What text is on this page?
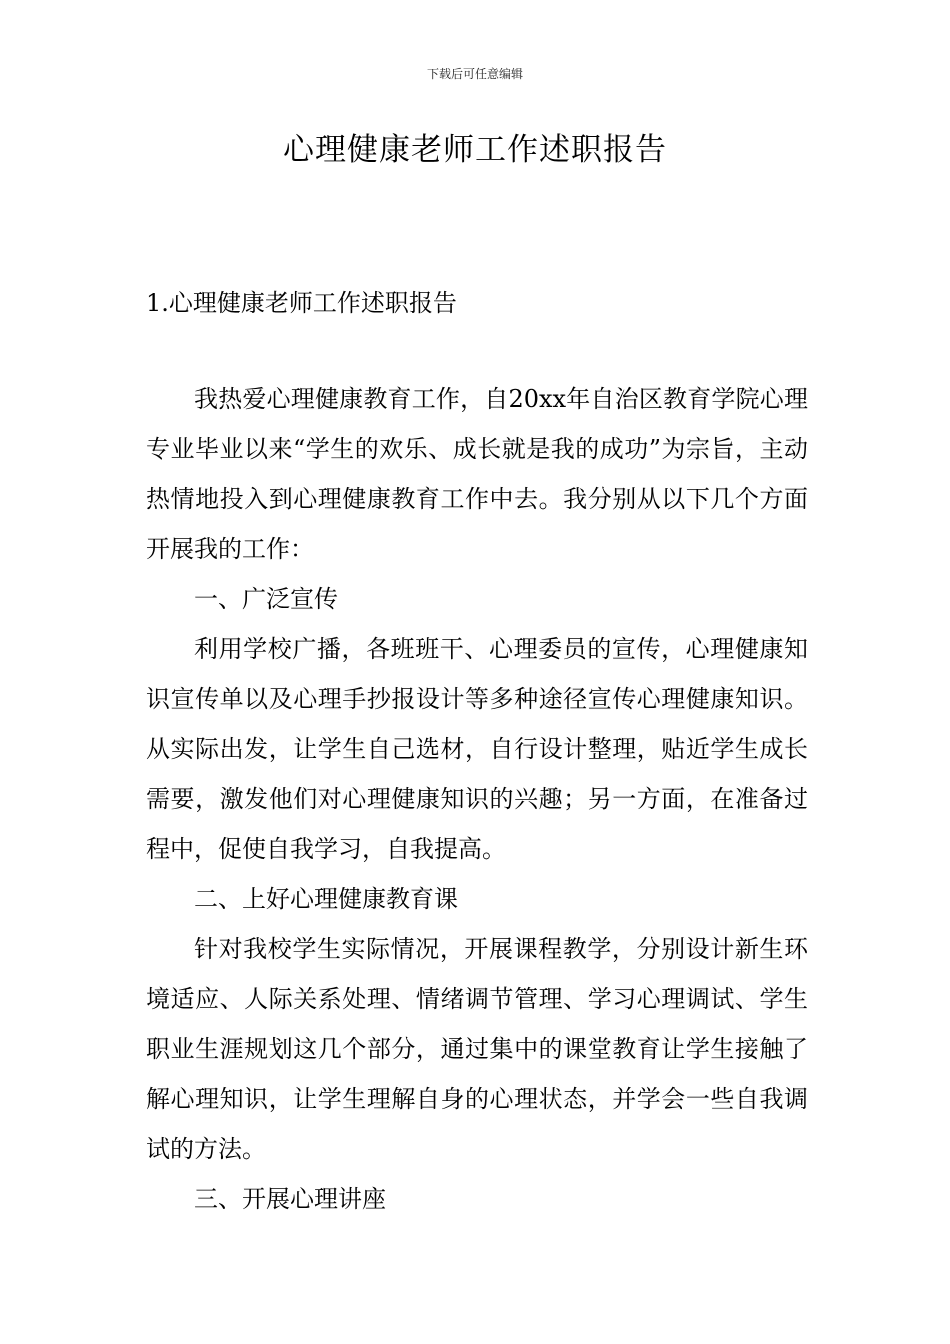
下载后可任意编辑
心理健康老师工作述职报告
1.心理健康老师工作述职报告

我热爱心理健康教育工作，自20xx年自治区教育学院心理专业毕业以来“学生的欢乐、成长就是我的成功”为宗旨，主动热情地投入到心理健康教育工作中去。我分别从以下几个方面开展我的工作：

一、广泛宣传

利用学校广播，各班班干、心理委员的宣传，心理健康知识宣传单以及心理手抄报设计等多种途径宣传心理健康知识。从实际出发，让学生自己选材，自行设计整理，贴近学生成长需要，激发他们对心理健康知识的兴趣；另一方面，在准备过程中，促使自我学习，自我提高。

二、上好心理健康教育课

针对我校学生实际情况，开展课程教学，分别设计新生环境适应、人际关系处理、情绪调节管理、学习心理调试、学生职业生涯规划这几个部分，通过集中的课堂教育让学生接触了解心理知识，让学生理解自身的心理状态，并学会一些自我调试的方法。

三、开展心理讲座
